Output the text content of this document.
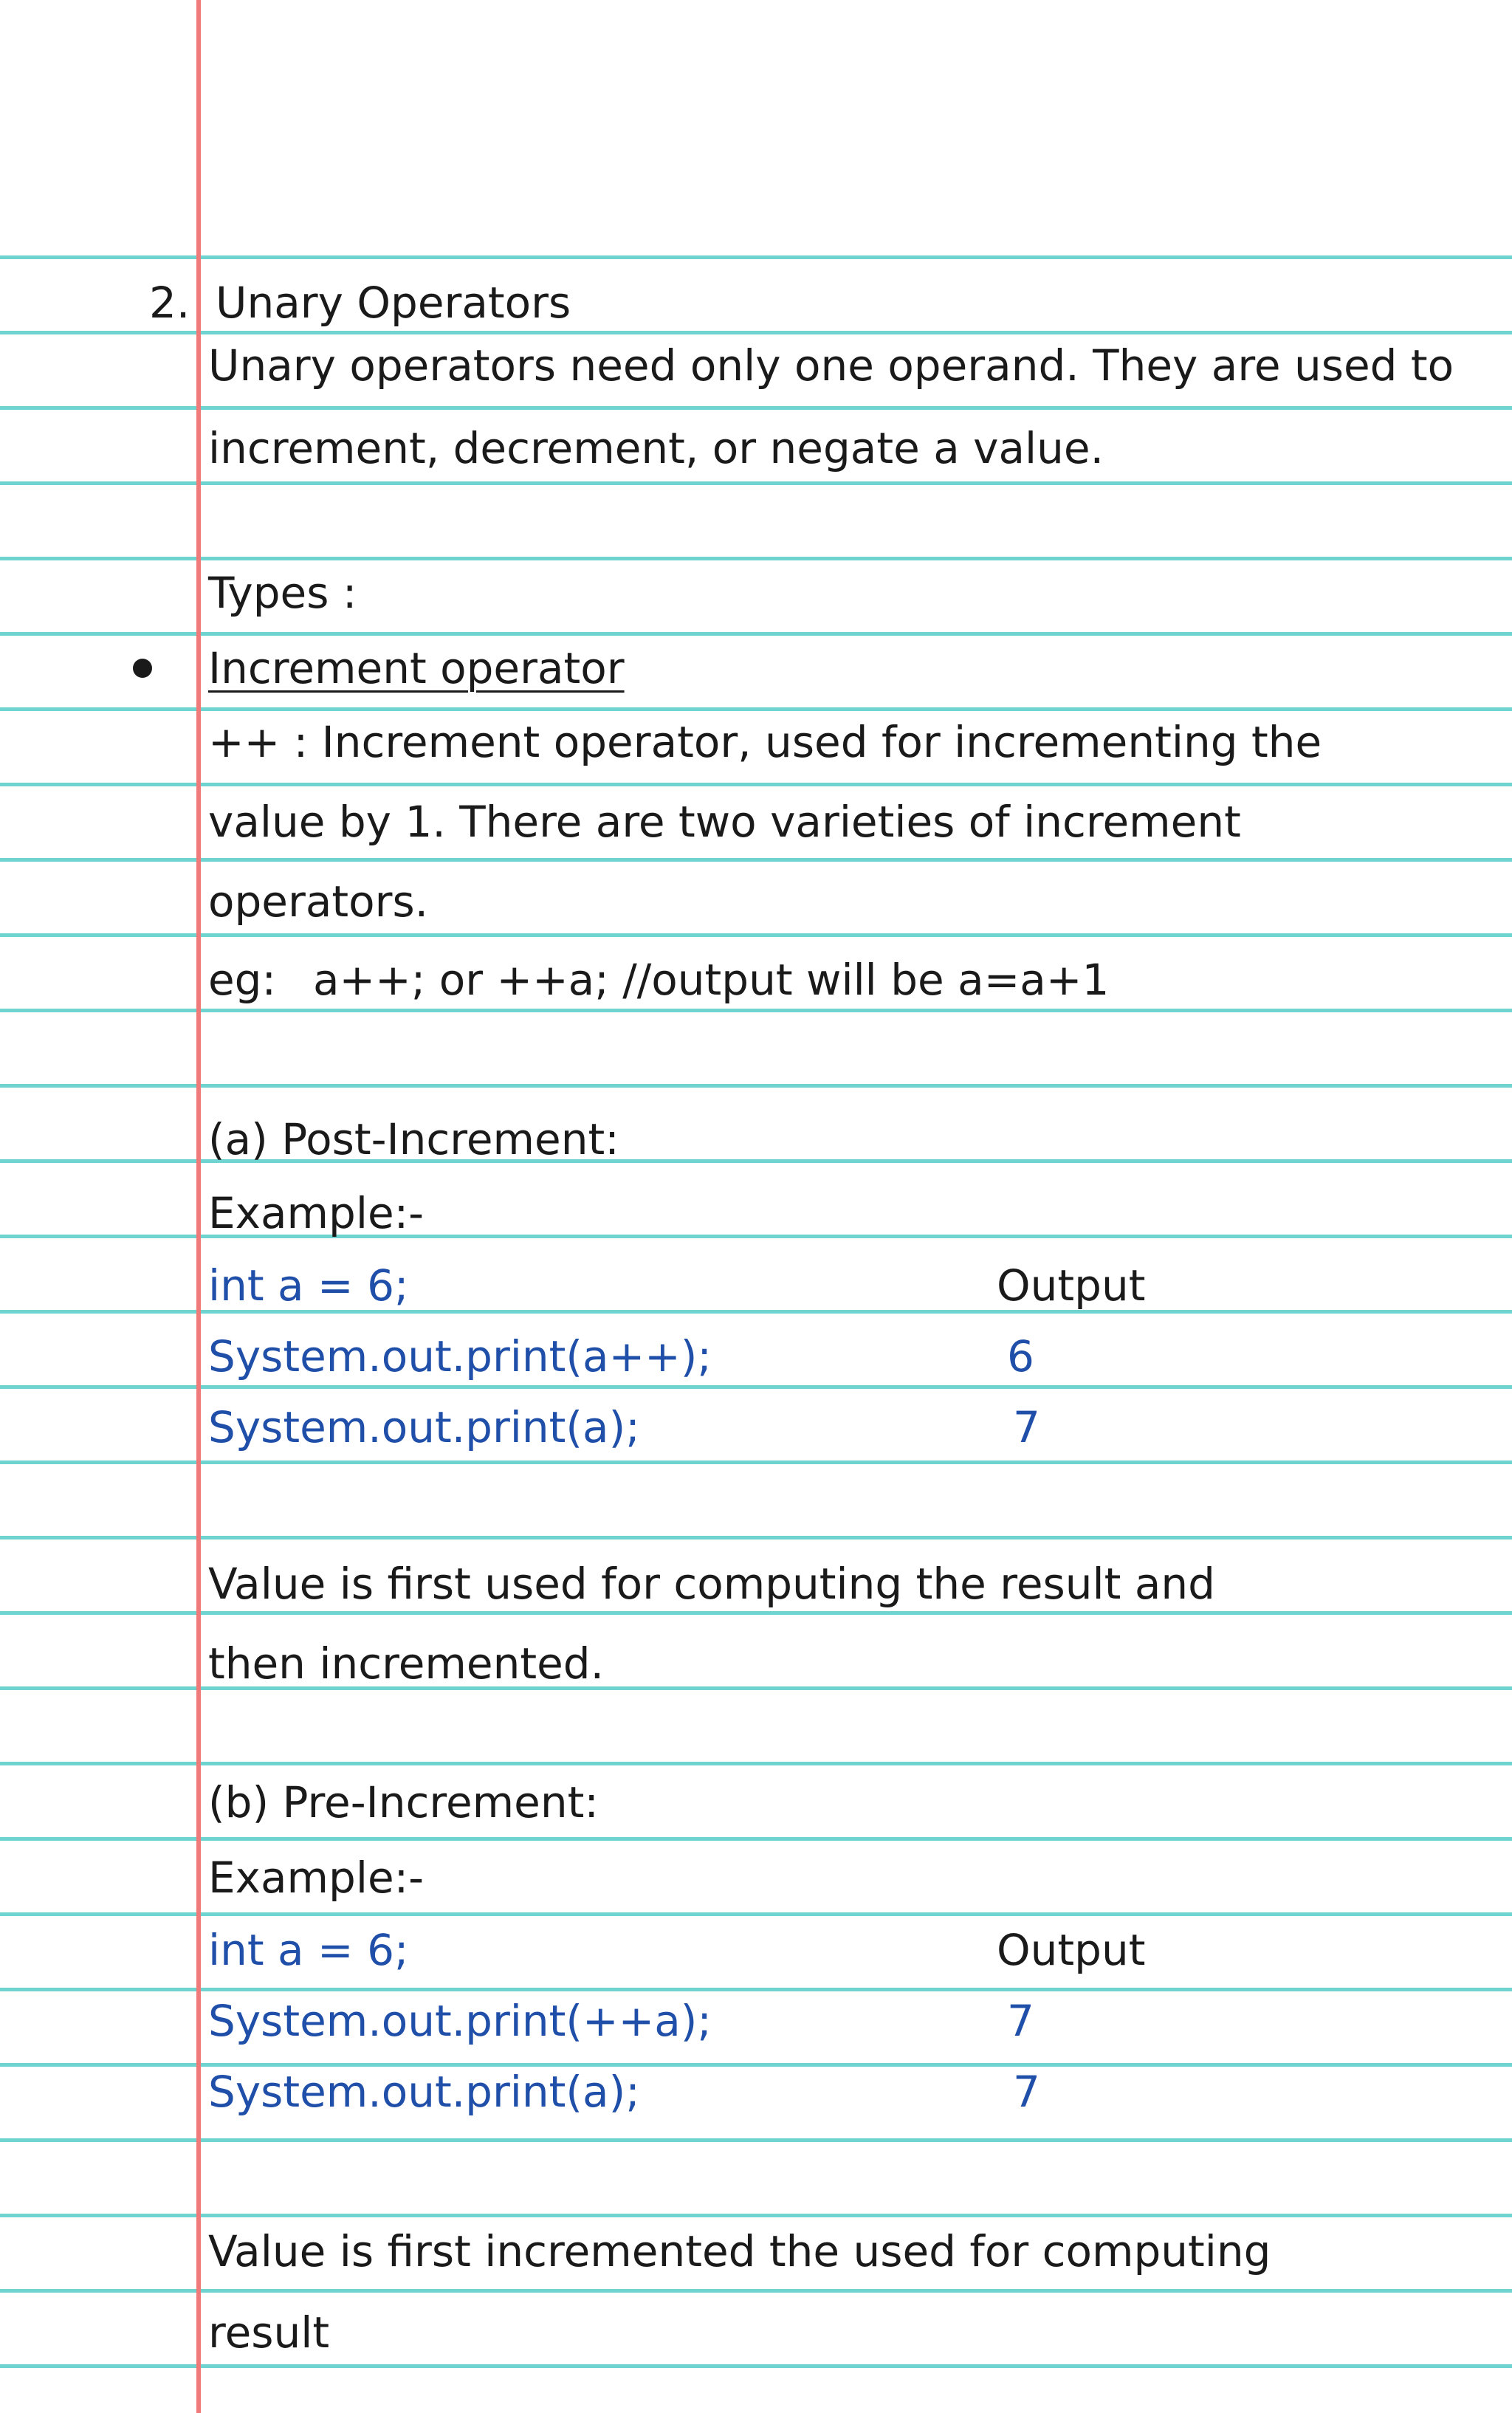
2. Unary Operators
Unary operators need only one operand. They are used to
increment, decrement, or negate a value.
Types :
Increment operator
++ : Increment operator, used for incrementing the
value by 1. There are two varieties of increment
operators.
eg: a++; or ++a; //output will be a=a+1
(a) Post-Increment:
Example:-
int a = 6;
System.out.print(a++);
System.out.print(a);
Output
6
7
Value is first used for computing the result and
then incremented.
(b) Pre-Increment:
Example:-
int a = 6;
System.out.print(++a);
System.out.print(a);
Output
7
7
Value is first incremented the used for computing
result
